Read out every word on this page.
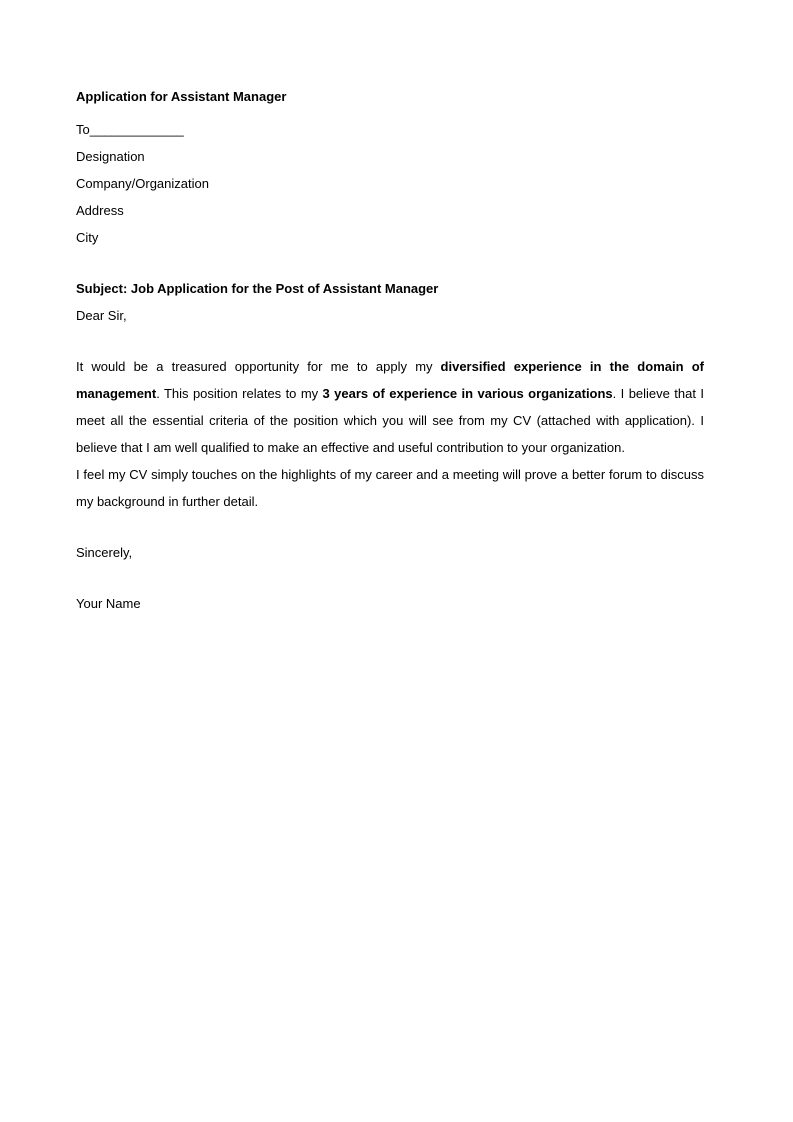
Application for Assistant Manager
To_____________
Designation
Company/Organization
Address
City
Subject: Job Application for the Post of Assistant Manager
Dear Sir,

It would be a treasured opportunity for me to apply my diversified experience in the domain of management. This position relates to my 3 years of experience in various organizations. I believe that I meet all the essential criteria of the position which you will see from my CV (attached with application). I believe that I am well qualified to make an effective and useful contribution to your organization.

I feel my CV simply touches on the highlights of my career and a meeting will prove a better forum to discuss my background in further detail.

Sincerely,
Your Name
